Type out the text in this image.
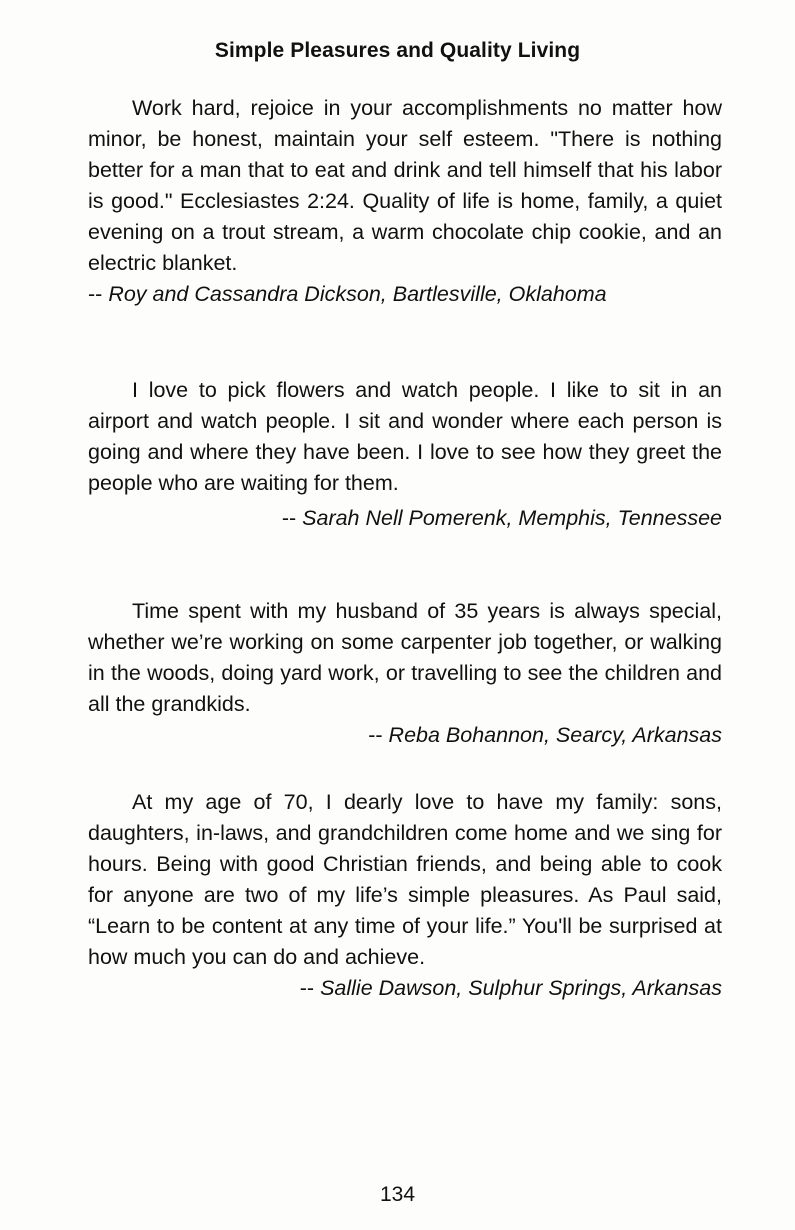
Simple Pleasures and Quality Living

Work hard, rejoice in your accomplishments no matter how minor, be honest, maintain your self esteem. "There is nothing better for a man that to eat and drink and tell himself that his labor is good." Ecclesiastes 2:24. Quality of life is home, family, a quiet evening on a trout stream, a warm chocolate chip cookie, and an electric blanket.

-- Roy and Cassandra Dickson, Bartlesville, Oklahoma

I love to pick flowers and watch people. I like to sit in an airport and watch people. I sit and wonder where each person is going and where they have been. I love to see how they greet the people who are waiting for them.

-- Sarah Nell Pomerenk, Memphis, Tennessee

Time spent with my husband of 35 years is always special, whether we’re working on some carpenter job together, or walking in the woods, doing yard work, or travelling to see the children and all the grandkids.

-- Reba Bohannon, Searcy, Arkansas

At my age of 70, I dearly love to have my family: sons, daughters, in-laws, and grandchildren come home and we sing for hours. Being with good Christian friends, and being able to cook for anyone are two of my life’s simple pleasures. As Paul said, “Learn to be content at any time of your life.” You'll be surprised at how much you can do and achieve.

-- Sallie Dawson, Sulphur Springs, Arkansas

134
